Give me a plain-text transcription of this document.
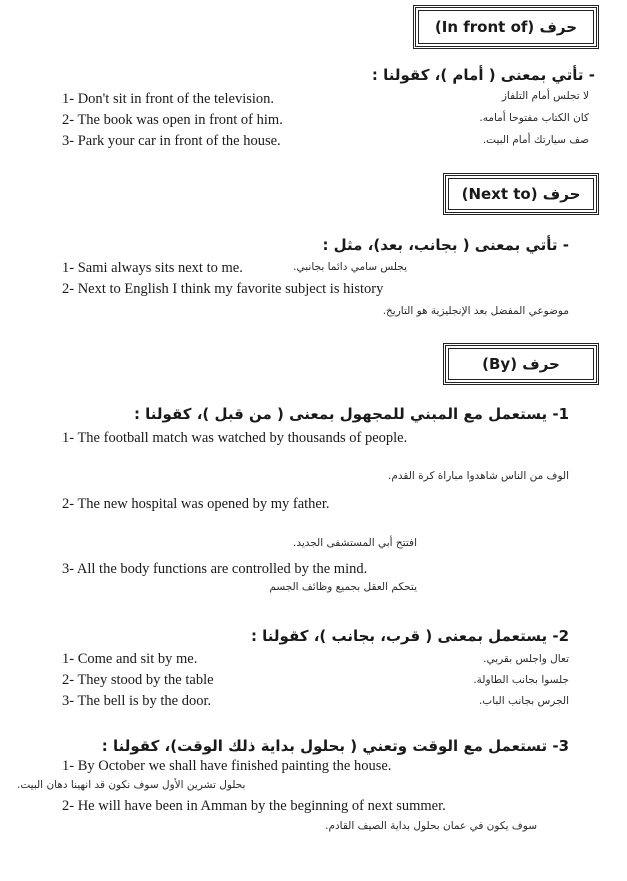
حرف (In front of)
- تأتي بمعنى ( أمام )، كقولنا :
1- Don't sit in front of the television.	لا تجلس أمام التلفاز
2- The book was open in front of him.	كان الكتاب مفتوحا أمامه.
3- Park your car in front of the house.	صف سيارتك أمام البيت.
حرف (Next to)
- تأتي بمعنى ( بجانب، بعد)، مثل :
1- Sami always sits next to me.	يجلس سامي دائما بجانبي.
2- Next to English I think my favorite subject is history
موضوعي المفضل بعد الإنجليزية هو التاريخ.
حرف (By)
1- يستعمل مع المبني للمجهول بمعنى ( من قبل )، كقولنا :
1- The football match was watched by thousands of people.
الوف من الناس شاهدوا مباراة كرة القدم.
2- The new hospital was opened by my father.
افتتح أبي المستشفى الجديد.
3- All the body functions are controlled by the mind.
يتحكم العقل بجميع وظائف الجسم
2- يستعمل بمعنى ( قرب، بجانب )، كقولنا :
1- Come and sit by me.	تعال واجلس بقربي.
2- They stood by the table	جلسوا بجانب الطاولة.
3- The bell is by the door.	الجرس بجانب الباب.
3- تستعمل مع الوقت وتعني ( بحلول بداية ذلك الوقت)، كقولنا :
1- By October we shall have finished painting the house.
بحلول تشرين الأول سوف نكون قد انهينا دهان البيت.
2- He will have been in Amman by the beginning of next summer.
سوف يكون في عمان بحلول بداية الصيف القادم.
